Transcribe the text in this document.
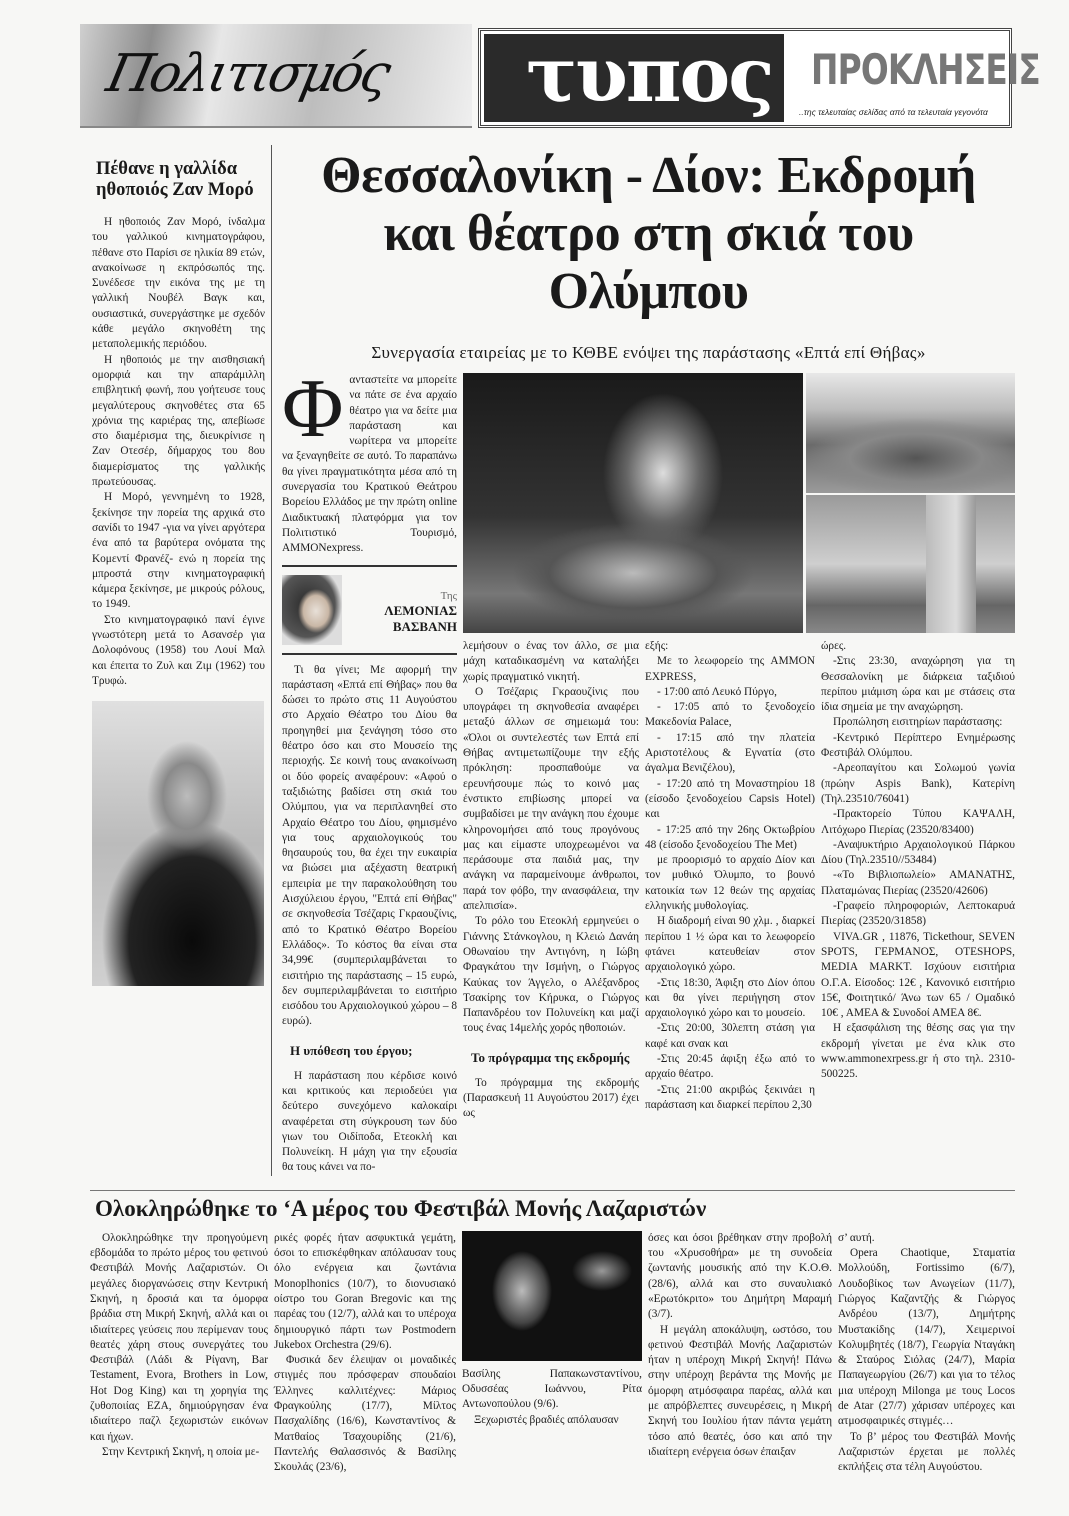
Πολιτισμός τυπος ΠΡΟΚΛΗΣΕΙΣ
..της τελευταίας σελίδας από τα τελευταία γεγονότα
Πέθανε η γαλλίδα ηθοποιός Ζαν Μορό

Η ηθοποιός Ζαν Μορό, ίνδαλμα του γαλλικού κινηματογράφου, πέθανε στο Παρίσι σε ηλικία 89 ετών, ανακοίνωσε η εκπρόσωπός της. Συνέδεσε την εικόνα της με τη γαλλική Νουβέλ Βαγκ και, ουσιαστικά, συνεργάστηκε με σχεδόν κάθε μεγάλο σκηνοθέτη της μεταπολεμικής περιόδου.

Η ηθοποιός με την αισθησιακή ομορφιά και την απαράμιλλη επιβλητική φωνή, που γοήτευσε τους μεγαλύτερους σκηνοθέτες στα 65 χρόνια της καριέρας της, απεβίωσε στο διαμέρισμα της, διευκρίνισε η Ζαν Οτεσέρ, δήμαρχος του 8ου διαμερίσματος της γαλλικής πρωτεύουσας.

Η Μορό, γεννημένη το 1928, ξεκίνησε την πορεία της αρχικά στο σανίδι το 1947 -για να γίνει αργότερα ένα από τα βαρύτερα ονόματα της Κομεντί Φρανέζ- ενώ η πορεία της μπροστά στην κινηματογραφική κάμερα ξεκίνησε, με μικρούς ρόλους, το 1949.

Στο κινηματογραφικό πανί έγινε γνωστότερη μετά το Ασανσέρ για Δολοφόνους (1958) του Λουί Μαλ και έπειτα το Ζυλ και Ζιμ (1962) του Τρυφώ.

Θεσσαλονίκη - Δίον: Εκδρομή
και θέατρο στη σκιά του Ολύμπου
Συνεργασία εταιρείας με το ΚΘΒΕ ενόψει της παράστασης «Επτά επί Θήβας»
Φ ανταστείτε να μπορείτε να πάτε σε ένα αρχαίο θέατρο για να δείτε μια παράσταση και νωρίτερα να μπορείτε να ξεναγηθείτε σε αυτό. Το παραπάνω θα γίνει πραγματικότητα μέσα από τη συνεργασία του Κρατικού Θεάτρου Βορείου Ελλάδος με την πρώτη online Διαδικτυακή πλατφόρμα για τον Πολιτιστικό Τουρισμό, AMMONexpress.
Της
ΛΕΜΟΝΙΑΣ
ΒΑΣΒΑΝΗ

Τι θα γίνει; Με αφορμή την παράσταση «Επτά επί Θήβας» που θα δώσει το πρώτο στις 11 Αυγούστου στο Αρχαίο Θέατρο του Δίου θα προηγηθεί μια ξενάγηση τόσο στο θέατρο όσο και στο Μουσείο της περιοχής. Σε κοινή τους ανακοίνωση οι δύο φορείς αναφέρουν: «Αφού ο ταξιδιώτης βαδίσει στη σκιά του Ολύμπου, για να περιπλανηθεί στο Αρχαίο Θέατρο του Δίου, φημισμένο για τους αρχαιολογικούς του θησαυρούς του, θα έχει την ευκαιρία να βιώσει μια αξέχαστη θεατρική εμπειρία με την παρακολούθηση του Αισχύλειου έργου, "Επτά επί Θήβας" σε σκηνοθεσία Τσέζαρις Γκραουζίνις, από το Κρατικό Θέατρο Βορείου Ελλάδος». Το κόστος θα είναι στα 34,99€ (συμπεριλαμβάνεται το εισιτήριο της παράστασης – 15 ευρώ, δεν συμπεριλαμβάνεται το εισιτήριο εισόδου του Αρχαιολογικού χώρου – 8 ευρώ).

Η υπόθεση του έργου;

Η παράσταση που κέρδισε κοινό και κριτικούς και περιοδεύει για δεύτερο συνεχόμενο καλοκαίρι αναφέρεται στη σύγκρουση των δύο γιων του Οιδίποδα, Ετεοκλή και Πολυνείκη. Η μάχη για την εξουσία θα τους κάνει να πο-

λεμήσουν ο ένας τον άλλο, σε μια μάχη καταδικασμένη να καταλήξει χωρίς πραγματικό νικητή.

Ο Τσέζαρις Γκραουζίνις που υπογράφει τη σκηνοθεσία αναφέρει μεταξύ άλλων σε σημειωμά του: «Όλοι οι συντελεστές των Επτά επί Θήβας αντιμετωπίζουμε την εξής πρόκληση: προσπαθούμε να ερευνήσουμε πώς το κοινό μας ένστικτο επιβίωσης μπορεί να συμβαδίσει με την ανάγκη που έχουμε κληρονομήσει από τους προγόνους μας και είμαστε υποχρεωμένοι να περάσουμε στα παιδιά μας, την ανάγκη να παραμείνουμε άνθρωποι, παρά τον φόβο, την ανασφάλεια, την απελπισία».

Το ρόλο του Ετεοκλή ερμηνεύει ο Γιάννης Στάνκογλου, η Κλειώ Δανάη Οθωναίου την Αντιγόνη, η Ιώβη Φραγκάτου την Ισμήνη, ο Γιώργος Καύκας τον Άγγελο, ο Αλέξανδρος Τσακίρης τον Κήρυκα, ο Γιώργος Παπανδρέου τον Πολυνείκη και μαζί τους ένας 14μελής χορός ηθοποιών.

Το πρόγραμμα της εκδρομής

Το πρόγραμμα της εκδρομής (Παρασκευή 11 Αυγούστου 2017) έχει ως

εξής:

Με το λεωφορείο της AMMON EXPRESS,

- 17:00 από Λευκό Πύργο,

- 17:05 από το ξενοδοχείο Μακεδονία Palace,

- 17:15 από την πλατεία Αριστοτέλους & Εγνατία (στο άγαλμα Βενιζέλου),

- 17:20 από τη Μοναστηρίου 18 (είσοδο ξενοδοχείου Capsis Hotel) και

- 17:25 από την 26ης Οκτωβρίου 48 (είσοδο ξενοδοχείου The Met)

με προορισμό το αρχαίο Δίον και τον μυθικό Όλυμπο, το βουνό κατοικία των 12 θεών της αρχαίας ελληνικής μυθολογίας.

Η διαδρομή είναι 90 χλμ. , διαρκεί περίπου 1 ½ ώρα και το λεωφορείο φτάνει κατευθείαν στον αρχαιολογικό χώρο.

-Στις 18:30, Άφιξη στο Δίον όπου και θα γίνει περιήγηση στον αρχαιολογικό χώρο και το μουσείο.

-Στις 20:00, 30λεπτη στάση για καφέ και σνακ και

-Στις 20:45 άφιξη έξω από το αρχαίο θέατρο.

-Στις 21:00 ακριβώς ξεκινάει η παράσταση και διαρκεί περίπου 2,30

ώρες.

-Στις 23:30, αναχώρηση για τη Θεσσαλονίκη με διάρκεια ταξιδιού περίπου μιάμιση ώρα και με στάσεις στα ίδια σημεία με την αναχώρηση.

Προπώληση εισιτηρίων παράστασης:

-Κεντρικό Περίπτερο Ενημέρωσης Φεστιβάλ Ολύμπου.

-Αρεοπαγίτου και Σολωμού γωνία (πρώην Aspis Bank), Κατερίνη (Τηλ.23510/76041)

-Πρακτορείο Τύπου ΚΑΨΑΛΗ, Λιτόχωρο Πιερίας (23520/83400)

-Αναψυκτήριο Αρχαιολογικού Πάρκου Δίου (Τηλ.23510//53484)

-«Το Βιβλιοπωλείο» ΑΜΑΝΑΤΗΣ, Πλαταμώνας Πιερίας (23520/42606)

-Γραφείο πληροφοριών, Λεπτοκαρυά Πιερίας (23520/31858)

VIVA.GR , 11876, Tickethour, SEVEN SPOTS, ΓΕΡΜΑΝΟΣ, OTESHOPS, MEDIA MARKT. Ισχύουν εισιτήρια Ο.Γ.Α. Είσοδος: 12€ , Κανονικό εισιτήριο 15€, Φοιτητικό/ Άνω των 65 / Ομαδικό 10€ , ΑΜΕΑ & Συνοδοί ΑΜΕΑ 8€.

Η εξασφάλιση της θέσης σας για την εκδρομή γίνεται με ένα κλικ στο www.ammonexrpess.gr ή στο τηλ. 2310-500225.

Ολοκληρώθηκε το ‘Α μέρος του Φεστιβάλ Μονής Λαζαριστών

Ολοκληρώθηκε την προηγούμενη εβδομάδα το πρώτο μέρος του φετινού Φεστιβάλ Μονής Λαζαριστών. Οι μεγάλες διοργανώσεις στην Κεντρική Σκηνή, η δροσιά και τα όμορφα βράδια στη Μικρή Σκηνή, αλλά και οι ιδιαίτερες γεύσεις που περίμεναν τους θεατές χάρη στους συνεργάτες του Φεστιβάλ (Λάδι & Ρίγανη, Bar Testament, Evora, Brothers in Low, Hot Dog King) και τη χορηγία της ζυθοποιίας ΕΖΑ, δημιούργησαν ένα ιδιαίτερο παζλ ξεχωριστών εικόνων και ήχων.

Στην Κεντρική Σκηνή, η οποία με-

ρικές φορές ήταν ασφυκτικά γεμάτη, όσοι το επισκέφθηκαν απόλαυσαν τους όλο ενέργεια και ζωντάνια Monoplhonics (10/7), το διονυσιακό οίστρο του Goran Bregovic και της παρέας του (12/7), αλλά και το υπέροχα δημιουργικό πάρτι των Postmodern Jukebox Orchestra (29/6).

Φυσικά δεν έλειψαν οι μοναδικές στιγμές που πρόσφεραν σπουδαίοι Έλληνες καλλιτέχνες: Μάριος Φραγκούλης (17/7), Μίλτος Πασχαλίδης (16/6), Κωνσταντίνος & Ματθαίος Τσαχουρίδης (21/6), Παντελής Θαλασσινός & Βασίλης Σκουλάς (23/6),

Βασίλης Παπακωνσταντίνου, Οδυσσέας Ιωάννου, Ρίτα Αντωνοπούλου (9/6).

Ξεχωριστές βραδιές απόλαυσαν

όσες και όσοι βρέθηκαν στην προβολή του «Χρυσοθήρα» με τη συνοδεία ζωντανής μουσικής από την Κ.Ο.Θ. (28/6), αλλά και στο συναυλιακό «Ερωτόκριτο» του Δημήτρη Μαραμή (3/7).

Η μεγάλη αποκάλυψη, ωστόσο, του φετινού Φεστιβάλ Μονής Λαζαριστών ήταν η υπέροχη Μικρή Σκηνή! Πάνω στην υπέροχη βεράντα της Μονής με όμορφη ατμόσφαιρα παρέας, αλλά και με απρόβλεπτες συνευρέσεις, η Μικρή Σκηνή του Ιουλίου ήταν πάντα γεμάτη τόσο από θεατές, όσο και από την ιδιαίτερη ενέργεια όσων έπαιξαν

σ’ αυτή.

Opera Chaotique, Σταματία Μολλούδη, Fortissimo (6/7), Λουδοβίκος των Ανωγείων (11/7), Γιώργος Καζαντζής & Γιώργος Ανδρέου (13/7), Δημήτρης Μυστακίδης (14/7), Χειμερινοί Κολυμβητές (18/7), Γεωργία Νταγάκη & Σταύρος Σιόλας (24/7), Μαρία Παπαγεωργίου (26/7) και για το τέλος μια υπέροχη Milonga με τους Locos de Atar (27/7) χάρισαν υπέροχες και ατμοσφαιρικές στιγμές…

Το β’ μέρος του Φεστιβάλ Μονής Λαζαριστών έρχεται με πολλές εκπλήξεις στα τέλη Αυγούστου.
